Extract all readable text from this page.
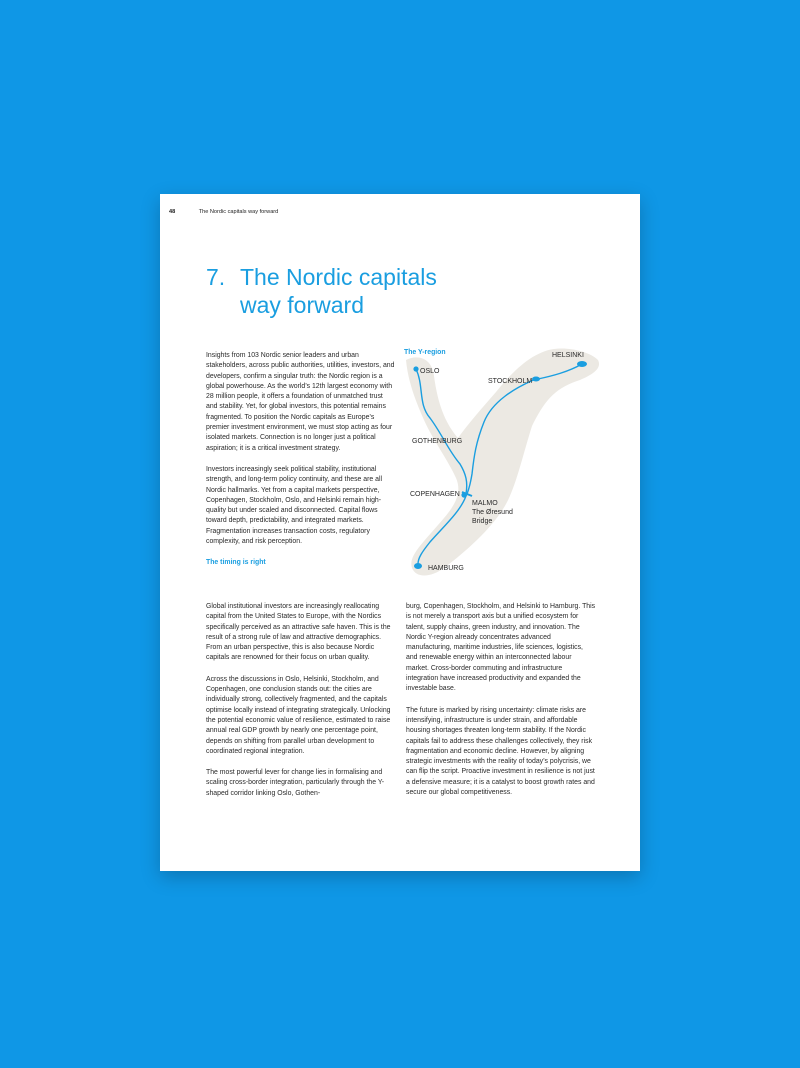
48	The Nordic capitals way forward
7. The Nordic capitals
way forward

Insights from 103 Nordic senior leaders and urban stakeholders, across public authorities, utilities, investors, and developers, confirm a singular truth: the Nordic region is a global powerhouse. As the world’s 12th largest economy with 28 million people, it offers a foundation of unmatched trust and stability. Yet, for global investors, this potential remains fragmented. To position the Nordic capitals as Europe’s premier investment environment, we must stop acting as four isolated markets. Connection is no longer just a political aspiration; it is a critical investment strategy.

Investors increasingly seek political stability, institutional strength, and long-term policy continuity, and these are all Nordic hallmarks. Yet from a capital markets perspective, Copenhagen, Stockholm, Oslo, and Helsinki remain high-quality but under scaled and disconnected. Capital flows toward depth, predictability, and integrated markets. Fragmentation increases transaction costs, regulatory complexity, and risk perception.

The timing is right

OSLO
HELSINKI
STOCKHOLM
GOTHENBURG
COPENHAGEN
MALMO
The Øresund
Bridge
HAMBURG
The Y-region

Global institutional investors are increasingly reallocating capital from the United States to Europe, with the Nordics specifically perceived as an attractive safe haven. This is the result of a strong rule of law and attractive demographics. From an urban perspective, this is also because Nordic capitals are renowned for their focus on urban quality.

Across the discussions in Oslo, Helsinki, Stockholm, and Copenhagen, one conclusion stands out: the cities are individually strong, collectively fragmented, and the capitals optimise locally instead of integrating strategically. Unlocking the potential economic value of resilience, estimated to raise annual real GDP growth by nearly one percentage point, depends on shifting from parallel urban development to coordinated regional integration.

The most powerful lever for change lies in formalising and scaling cross-border integration, particularly through the Y-shaped corridor linking Oslo, Gothen-

burg, Copenhagen, Stockholm, and Helsinki to Hamburg. This is not merely a transport axis but a unified ecosystem for talent, supply chains, green industry, and innovation. The Nordic Y-region already concentrates advanced manufacturing, maritime industries, life sciences, logistics, and renewable energy within an interconnected labour market. Cross-border commuting and infrastructure integration have increased productivity and expanded the investable base.

The future is marked by rising uncertainty: climate risks are intensifying, infrastructure is under strain, and affordable housing shortages threaten long-term stability. If the Nordic capitals fail to address these challenges collectively, they risk fragmentation and economic decline. However, by aligning strategic investments with the reality of today’s polycrisis, we can flip the script. Proactive investment in resilience is not just a defensive measure; it is a catalyst to boost growth rates and secure our global competitiveness.
